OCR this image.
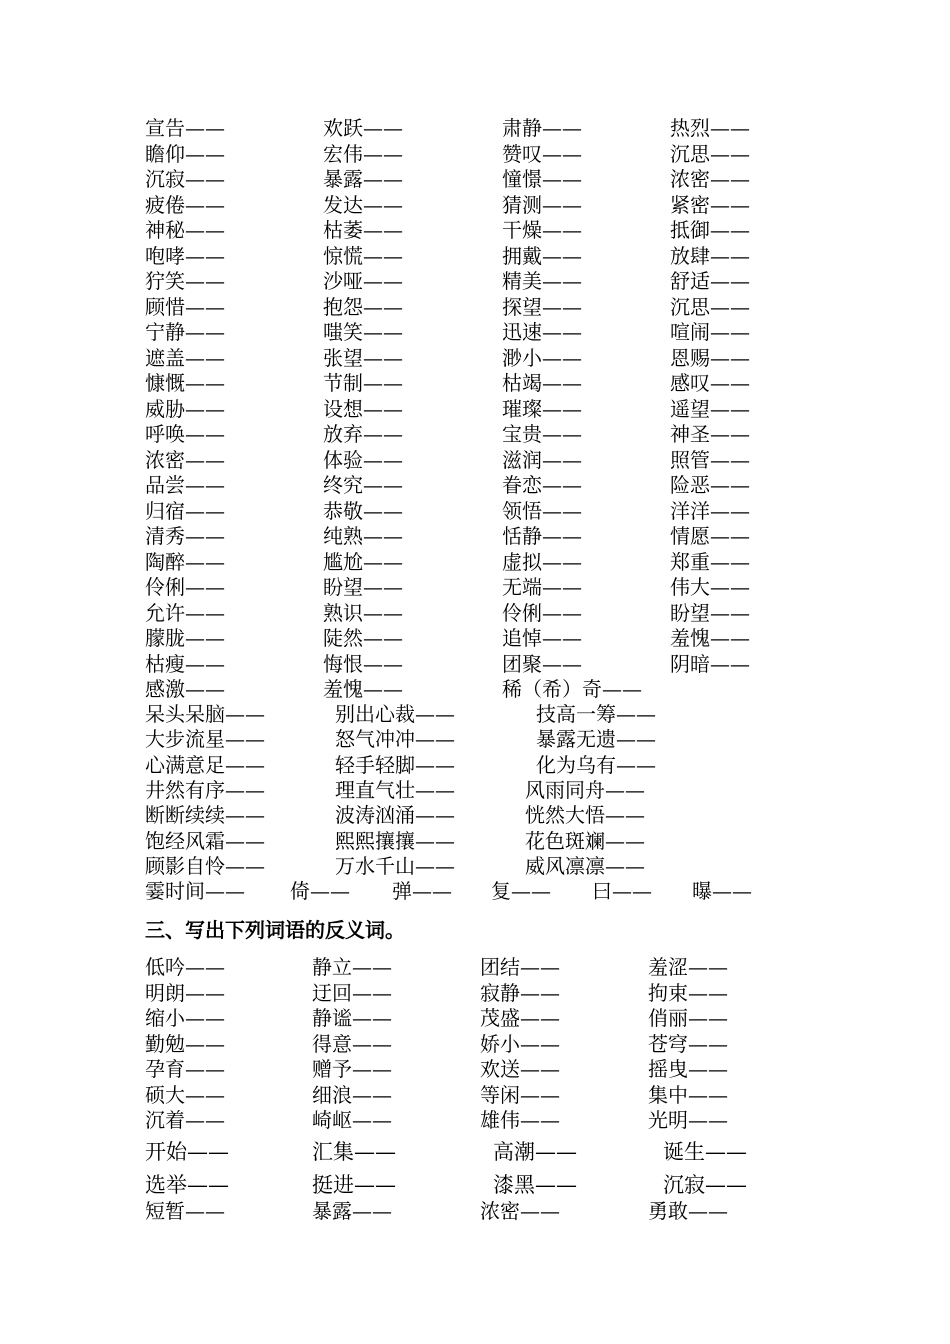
宣告——	欢跃——	肃静——	热烈——
瞻仰——	宏伟——	赞叹——	沉思——
沉寂——	暴露——	憧憬——	浓密——
疲倦——	发达——	猜测——	紧密——
神秘——	枯萎——	干燥——	抵御——
咆哮——	惊慌——	拥戴——	放肆——
狞笑——	沙哑——	精美——	舒适——
顾惜——	抱怨——	探望——	沉思——
宁静——	嗤笑——	迅速——	喧闹——
遮盖——	张望——	渺小——	恩赐——
慷慨——	节制——	枯竭——	感叹——
威胁——	设想——	璀璨——	遥望——
呼唤——	放弃——	宝贵——	神圣——
浓密——	体验——	滋润——	照管——
品尝——	终究——	眷恋——	险恶——
归宿——	恭敬——	领悟——	洋洋——
清秀——	纯熟——	恬静——	情愿——
陶醉——	尴尬——	虚拟——	郑重——
伶俐——	盼望——	无端——	伟大——
允许——	熟识——	伶俐——	盼望——
朦胧——	陡然——	追悼——	羞愧——
枯瘦——	悔恨——	团聚——	阴暗——
感激——	羞愧——	稀（希）奇——
呆头呆脑——	别出心裁——	技高一筹——
大步流星——	怒气冲冲——	暴露无遗——
心满意足——	轻手轻脚——	化为乌有——
井然有序——	理直气壮——	风雨同舟——
断断续续——	波涛汹涌——	恍然大悟——
饱经风霜——	熙熙攘攘——	花色斑斓——
顾影自怜——	万水千山——	威风凛凛——
霎时间—— 倚—— 弹—— 复—— 曰—— 曝——
三、写出下列词语的反义词。
低吟——	静立——	团结——	羞涩——
明朗——	迂回——	寂静——	拘束——
缩小——	静谧——	茂盛——	俏丽——
勤勉——	得意——	娇小——	苍穹——
孕育——	赠予——	欢送——	摇曳——
硕大——	细浪——	等闲——	集中——
沉着——	崎岖——	雄伟——	光明——
开始——	汇集——	高潮——	诞生——
选举——	挺进——	漆黑——	沉寂——
短暂——	暴露——	浓密——	勇敢——
